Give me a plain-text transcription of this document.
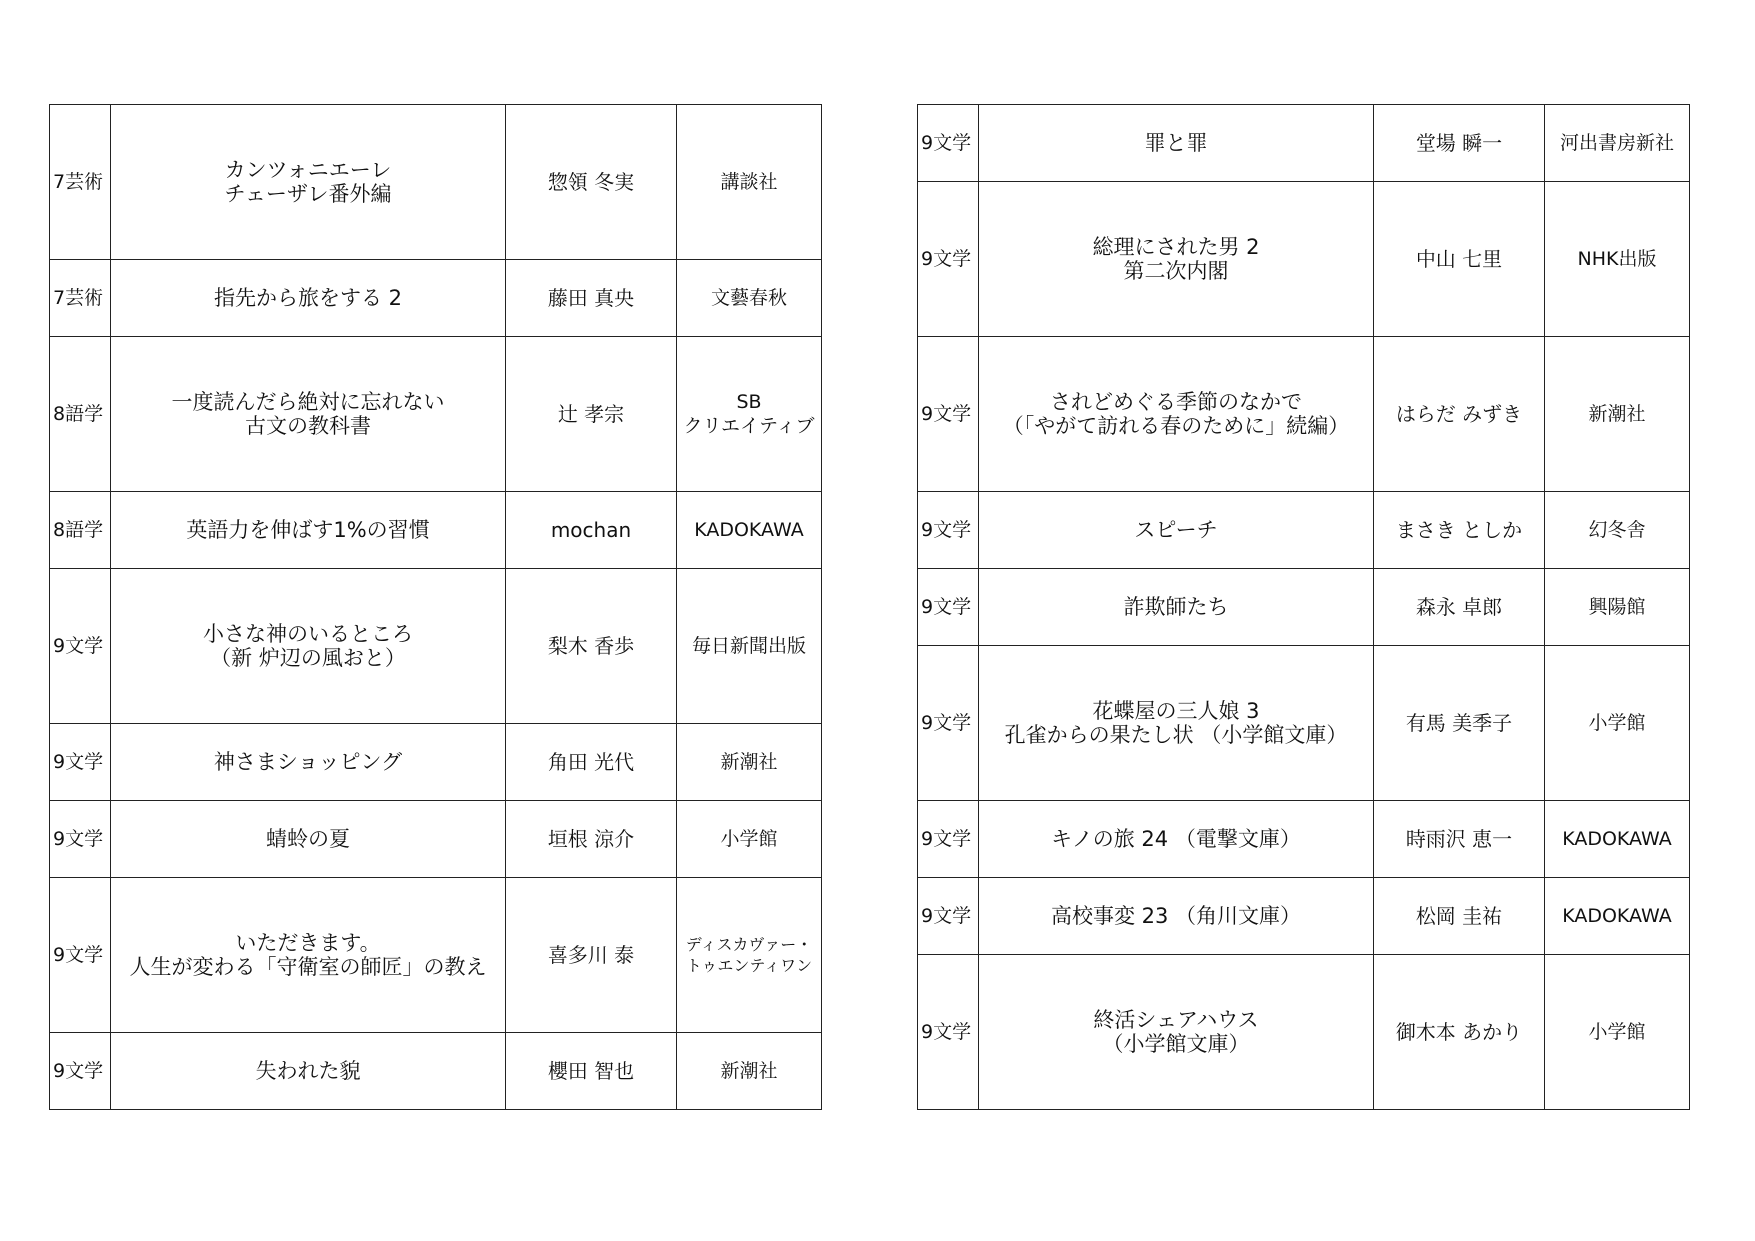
7芸術	カンツォニエーレ
チェーザレ番外編	惣領 冬実	講談社

7芸術	指先から旅をする 2	藤田 真央	文藝春秋

8語学	一度読んだら絶対に忘れない
古文の教科書	辻 孝宗	SB
クリエイティブ

8語学	英語力を伸ばす1%の習慣	mochan	KADOKAWA

9文学	小さな神のいるところ
（新 炉辺の風おと）	梨木 香歩	毎日新聞出版

9文学	神さまショッピング	角田 光代	新潮社

9文学	蜻蛉の夏	垣根 涼介	小学館

9文学	いただきます。
人生が変わる「守衛室の師匠」の教え	喜多川 泰	ディスカヴァー・
トゥエンティワン

9文学	失われた貌	櫻田 智也	新潮社
9文学	罪と罪	堂場 瞬一	河出書房新社

9文学	総理にされた男 2
第二次内閣	中山 七里	NHK出版

9文学	されどめぐる季節のなかで
（「やがて訪れる春のために」続編）	はらだ みずき	新潮社

9文学	スピーチ	まさき としか	幻冬舎

9文学	詐欺師たち	森永 卓郎	興陽館

9文学	花蝶屋の三人娘 3
孔雀からの果たし状 （小学館文庫）	有馬 美季子	小学館

9文学	キノの旅 24 （電撃文庫）	時雨沢 恵一	KADOKAWA

9文学	高校事変 23 （角川文庫）	松岡 圭祐	KADOKAWA

9文学	終活シェアハウス
（小学館文庫）	御木本 あかり	小学館
